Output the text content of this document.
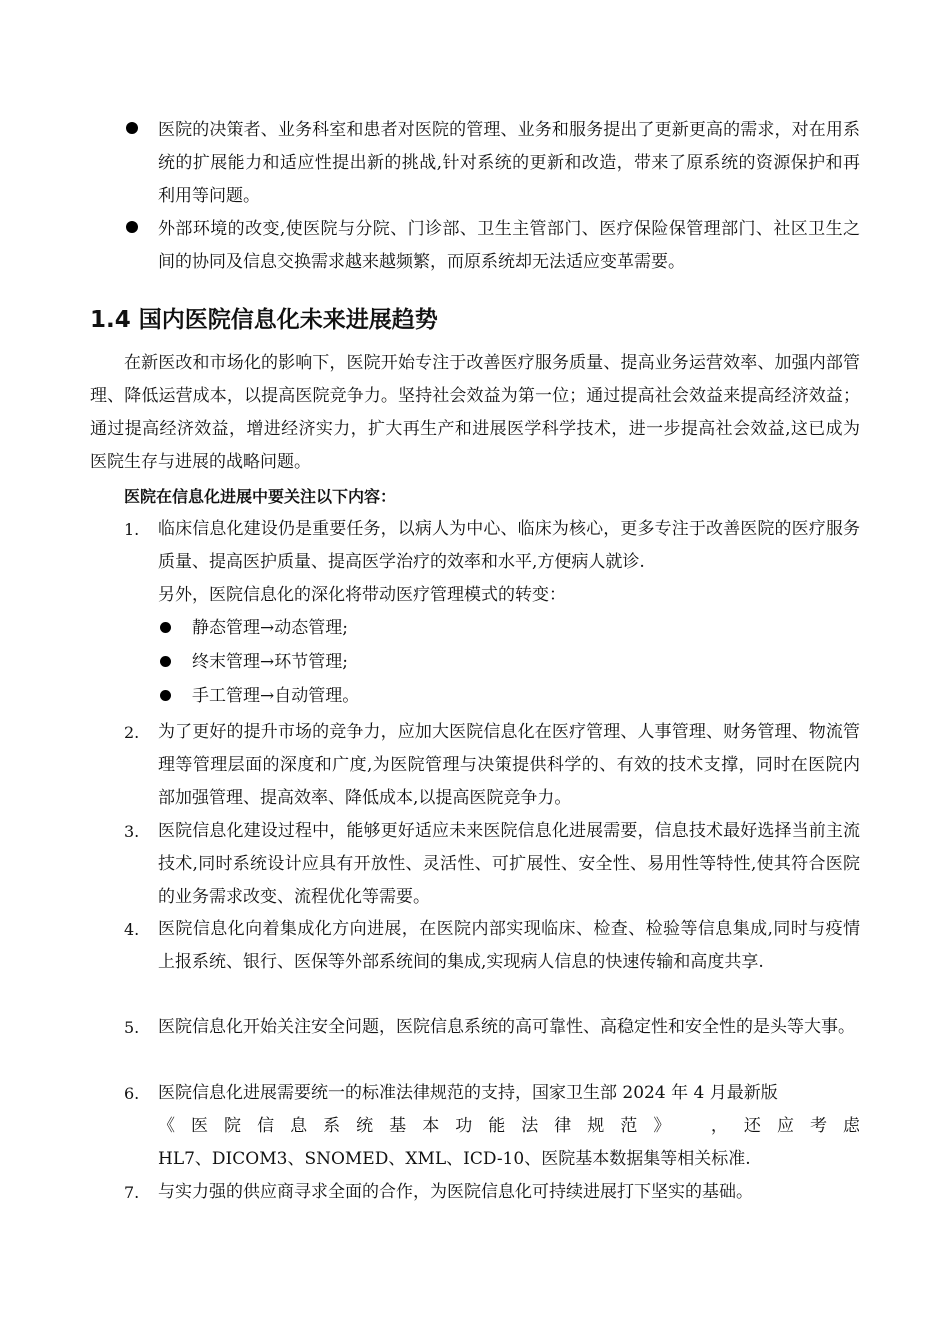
医院的决策者、业务科室和患者对医院的管理、业务和服务提出了更新更高的需求，对在用系统的扩展能力和适应性提出新的挑战,针对系统的更新和改造，带来了原系统的资源保护和再利用等问题。
外部环境的改变,使医院与分院、门诊部、卫生主管部门、医疗保险保管理部门、社区卫生之间的协同及信息交换需求越来越频繁，而原系统却无法适应变革需要。
1.4 国内医院信息化未来进展趋势

在新医改和市场化的影响下，医院开始专注于改善医疗服务质量、提高业务运营效率、加强内部管理、降低运营成本，以提高医院竞争力。坚持社会效益为第一位；通过提高社会效益来提高经济效益；通过提高经济效益，增进经济实力，扩大再生产和进展医学科学技术，进一步提高社会效益,这已成为医院生存与进展的战略问题。

医院在信息化进展中要关注以下内容：

1. 临床信息化建设仍是重要任务，以病人为中心、临床为核心，更多专注于改善医院的医疗服务质量、提高医护质量、提高医学治疗的效率和水平,方便病人就诊.
另外，医院信息化的深化将带动医疗管理模式的转变：
静态管理→动态管理;
终末管理→环节管理;
手工管理→自动管理。
2. 为了更好的提升市场的竞争力，应加大医院信息化在医疗管理、人事管理、财务管理、物流管理等管理层面的深度和广度,为医院管理与决策提供科学的、有效的技术支撑，同时在医院内部加强管理、提高效率、降低成本,以提高医院竞争力。
3. 医院信息化建设过程中，能够更好适应未来医院信息化进展需要，信息技术最好选择当前主流技术,同时系统设计应具有开放性、灵活性、可扩展性、安全性、易用性等特性,使其符合医院的业务需求改变、流程优化等需要。
4. 医院信息化向着集成化方向进展，在医院内部实现临床、检查、检验等信息集成,同时与疫情上报系统、银行、医保等外部系统间的集成,实现病人信息的快速传输和高度共享.
5. 医院信息化开始关注安全问题，医院信息系统的高可靠性、高稳定性和安全性的是头等大事。
6. 医院信息化进展需要统一的标准法律规范的支持，国家卫生部 2024 年 4 月最新版
《医院信息系统基本功能法律规范》　，还应考虑
HL7、DICOM3、SNOMED、XML、ICD-10、医院基本数据集等相关标准.
7. 与实力强的供应商寻求全面的合作，为医院信息化可持续进展打下坚实的基础。
